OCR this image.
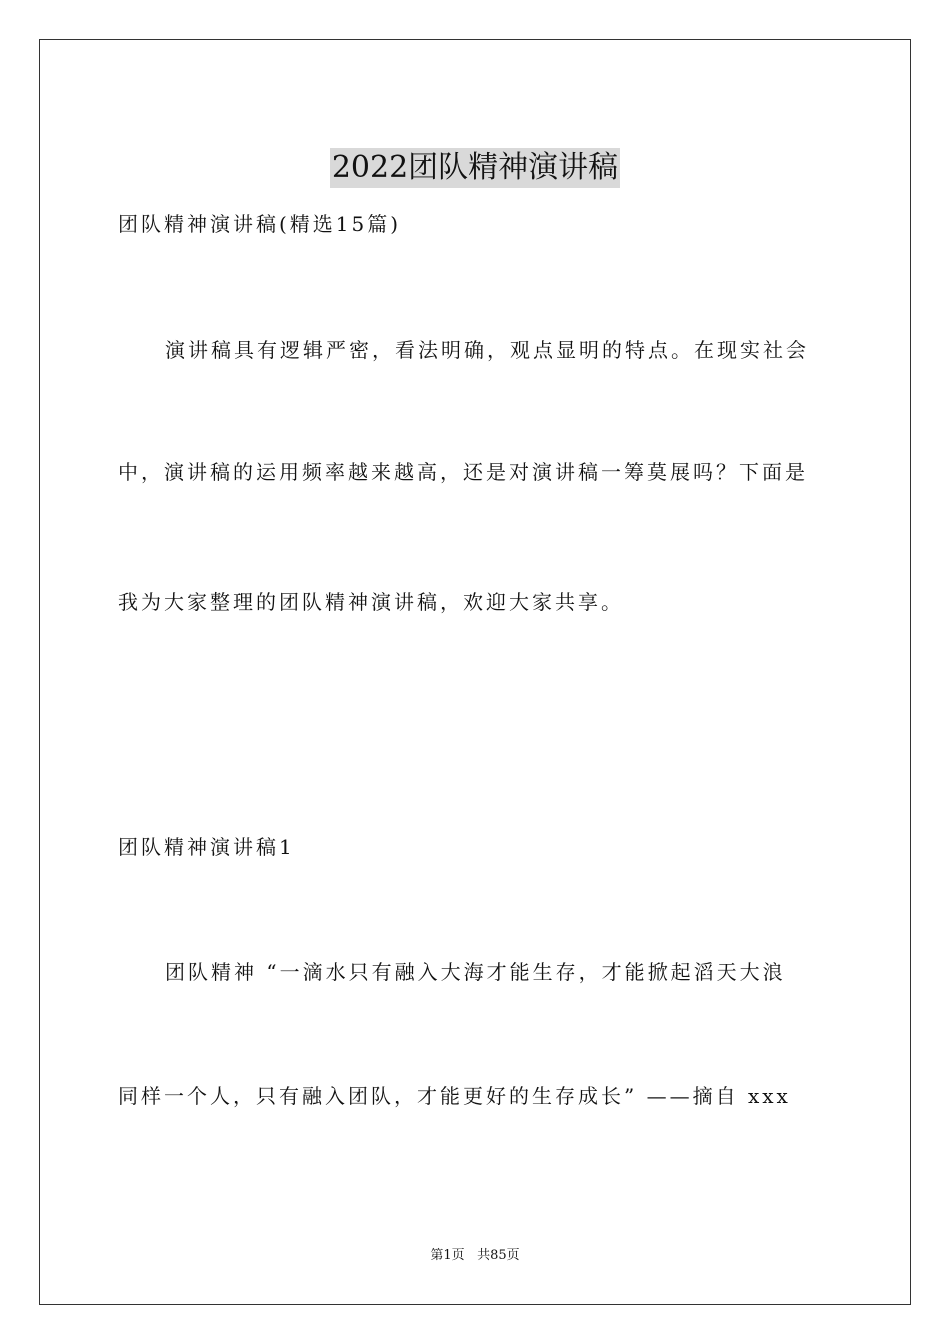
2022团队精神演讲稿
团队精神演讲稿(精选15篇)
演讲稿具有逻辑严密，看法明确，观点显明的特点。在现实社会
中，演讲稿的运用频率越来越高，还是对演讲稿一筹莫展吗？下面是
我为大家整理的团队精神演讲稿，欢迎大家共享。
团队精神演讲稿1
团队精神 “一滴水只有融入大海才能生存，才能掀起滔天大浪
同样一个人，只有融入团队，才能更好的生存成长” ——摘自 xxx
第1页 共85页
